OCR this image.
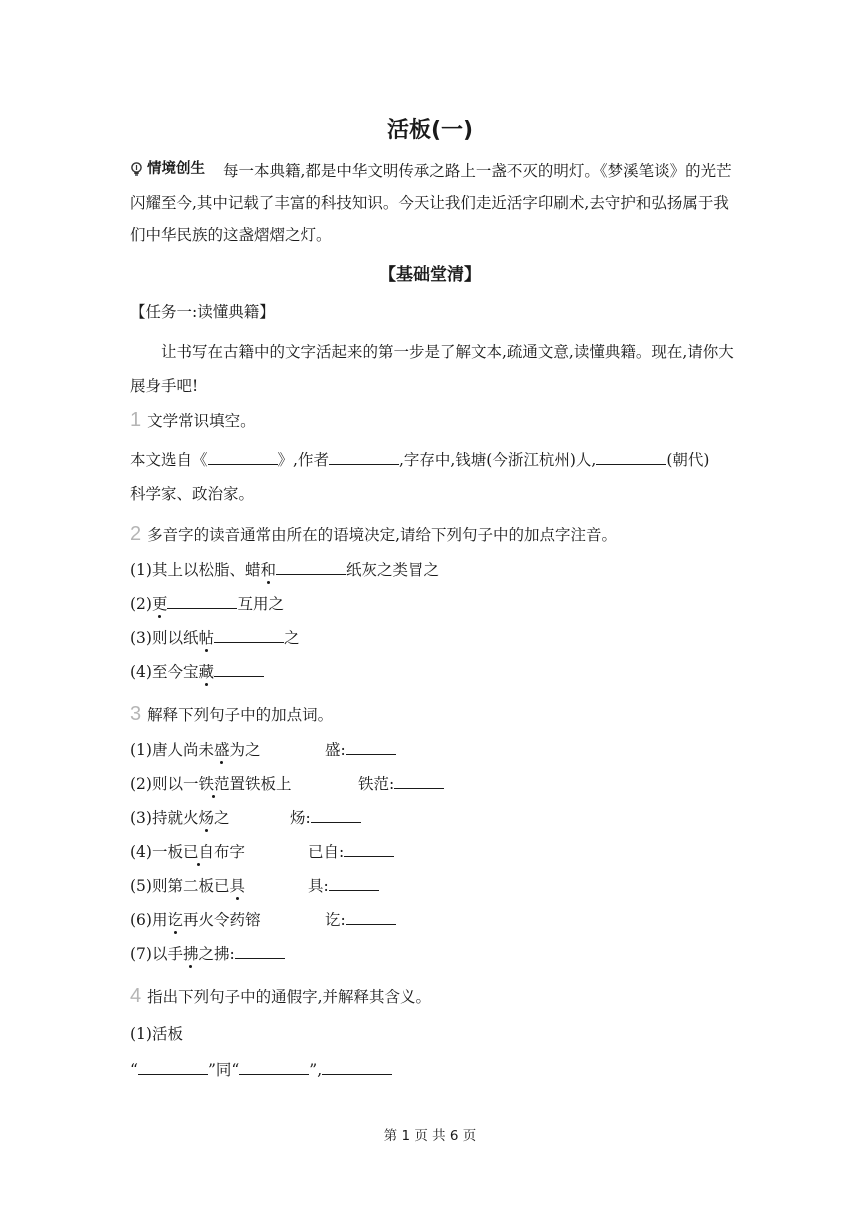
活板(一)
情境创生 每一本典籍,都是中华文明传承之路上一盏不灭的明灯。《梦溪笔谈》的光芒闪耀至今,其中记载了丰富的科技知识。今天让我们走近活字印刷术,去守护和弘扬属于我们中华民族的这盏熠熠之灯。
【基础堂清】
【任务一:读懂典籍】
让书写在古籍中的文字活起来的第一步是了解文本,疏通文意,读懂典籍。现在,请你大展身手吧!
1 文学常识填空。
本文选自《	》,作者	,字存中,钱塘(今浙江杭州)人,	(朝代)
科学家、政治家。
2 多音字的读音通常由所在的语境决定,请给下列句子中的加点字注音。
(1)其上以松脂、蜡和	纸灰之类冒之
(2)更	互用之
(3)则以纸帖	之
(4)至今宝藏
3 解释下列句子中的加点词。
(1)唐人尚未盛为之	盛:
(2)则以一铁范置铁板上	铁范:
(3)持就火炀之	炀:
(4)一板已自布字	已自:
(5)则第二板已具	具:
(6)用讫再火令药镕	讫:
(7)以手拂之拂:
4 指出下列句子中的通假字,并解释其含义。
(1)活板
“	”同“	”,
第 1 页 共 6 页
